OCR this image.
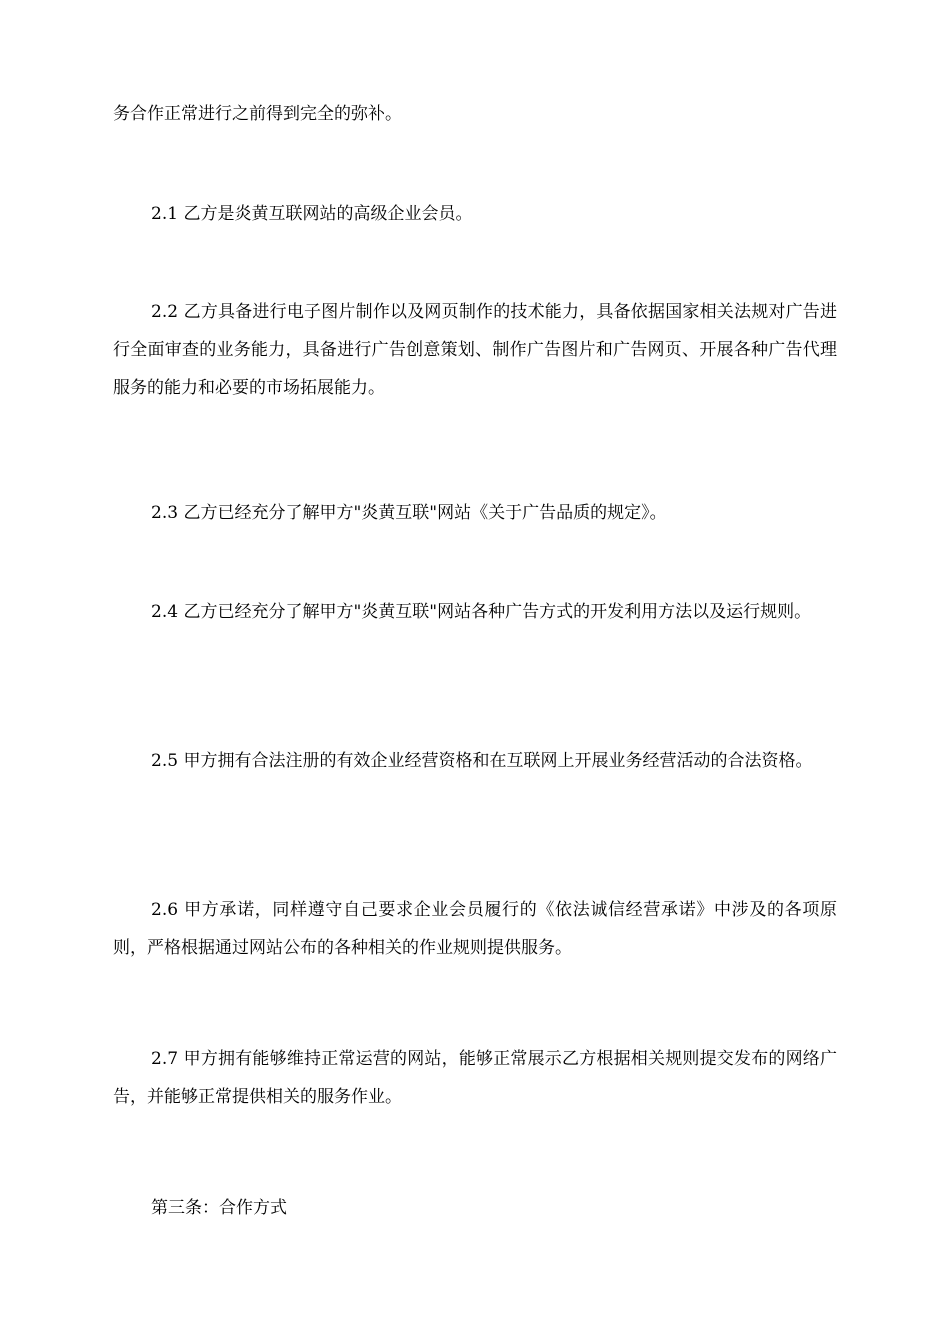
务合作正常进行之前得到完全的弥补。

2.1 乙方是炎黄互联网站的高级企业会员。

2.2 乙方具备进行电子图片制作以及网页制作的技术能力，具备依据国家相关法规对广告进行全面审查的业务能力，具备进行广告创意策划、制作广告图片和广告网页、开展各种广告代理服务的能力和必要的市场拓展能力。

2.3 乙方已经充分了解甲方"炎黄互联"网站《关于广告品质的规定》。

2.4 乙方已经充分了解甲方"炎黄互联"网站各种广告方式的开发利用方法以及运行规则。

2.5 甲方拥有合法注册的有效企业经营资格和在互联网上开展业务经营活动的合法资格。

2.6 甲方承诺，同样遵守自己要求企业会员履行的《依法诚信经营承诺》中涉及的各项原则，严格根据通过网站公布的各种相关的作业规则提供服务。

2.7 甲方拥有能够维持正常运营的网站，能够正常展示乙方根据相关规则提交发布的网络广告，并能够正常提供相关的服务作业。

第三条：合作方式
